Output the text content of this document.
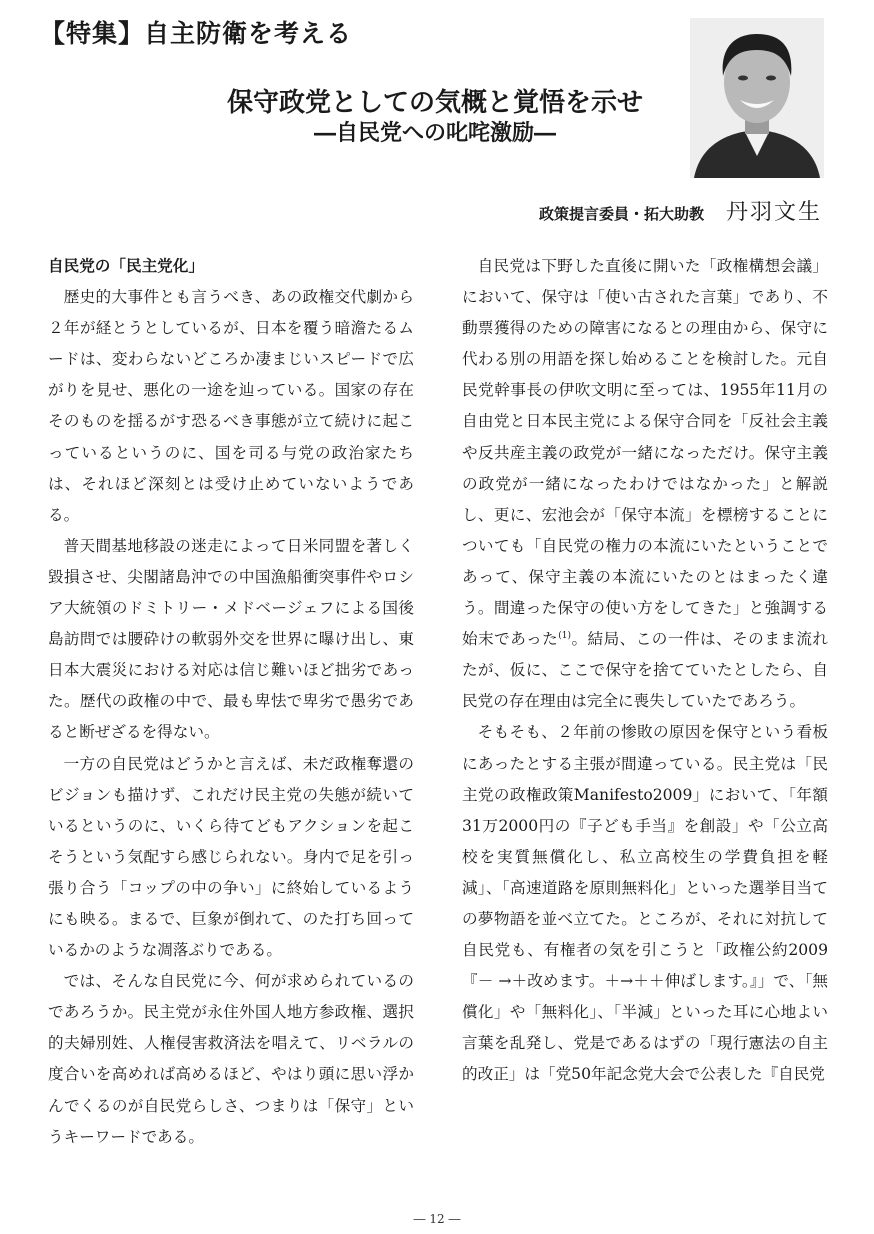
【特集】自主防衛を考える
保守政党としての気概と覚悟を示せ
―自民党への叱咤激励―
政策提言委員・拓大助教 丹羽文生
自民党の「民主党化」

歴史的大事件とも言うべき、あの政権交代劇から２年が経とうとしているが、日本を覆う暗澹たるムードは、変わらないどころか凄まじいスピードで広がりを見せ、悪化の一途を辿っている。国家の存在そのものを揺るがす恐るべき事態が立て続けに起こっているというのに、国を司る与党の政治家たちは、それほど深刻とは受け止めていないようである。

普天間基地移設の迷走によって日米同盟を著しく毀損させ、尖閣諸島沖での中国漁船衝突事件やロシア大統領のドミトリー・メドベージェフによる国後島訪問では腰砕けの軟弱外交を世界に曝け出し、東日本大震災における対応は信じ難いほど拙劣であった。歴代の政権の中で、最も卑怯で卑劣で愚劣であると断ぜざるを得ない。

一方の自民党はどうかと言えば、未だ政権奪還のビジョンも描けず、これだけ民主党の失態が続いているというのに、いくら待てどもアクションを起こそうという気配すら感じられない。身内で足を引っ張り合う「コップの中の争い」に終始しているようにも映る。まるで、巨象が倒れて、のた打ち回っているかのような凋落ぶりである。

では、そんな自民党に今、何が求められているのであろうか。民主党が永住外国人地方参政権、選択的夫婦別姓、人権侵害救済法を唱えて、リベラルの度合いを高めれば高めるほど、やはり頭に思い浮かんでくるのが自民党らしさ、つまりは「保守」というキーワードである。

自民党は下野した直後に開いた「政権構想会議」において、保守は「使い古された言葉」であり、不動票獲得のための障害になるとの理由から、保守に代わる別の用語を探し始めることを検討した。元自民党幹事長の伊吹文明に至っては、1955年11月の自由党と日本民主党による保守合同を「反社会主義や反共産主義の政党が一緒になっただけ。保守主義の政党が一緒になったわけではなかった」と解説し、更に、宏池会が「保守本流」を標榜することについても「自民党の権力の本流にいたということであって、保守主義の本流にいたのとはまったく違う。間違った保守の使い方をしてきた」と強調する始末であった$^{(1)}$。結局、この一件は、そのまま流れたが、仮に、ここで保守を捨てていたとしたら、自民党の存在理由は完全に喪失していたであろう。

そもそも、２年前の惨敗の原因を保守という看板にあったとする主張が間違っている。民主党は「民主党の政権政策Manifesto2009」において、「年額31万2000円の『子ども手当』を創設」や「公立高校を実質無償化し、私立高校生の学費負担を軽減」、「高速道路を原則無料化」といった選挙目当ての夢物語を並べ立てた。ところが、それに対抗して自民党も、有権者の気を引こうと「政権公約2009『－ →＋改めます。＋→＋＋伸ばします。』」で、「無償化」や「無料化」、「半減」といった耳に心地よい言葉を乱発し、党是であるはずの「現行憲法の自主的改正」は「党50年記念党大会で公表した『自民党

― 12 ―
